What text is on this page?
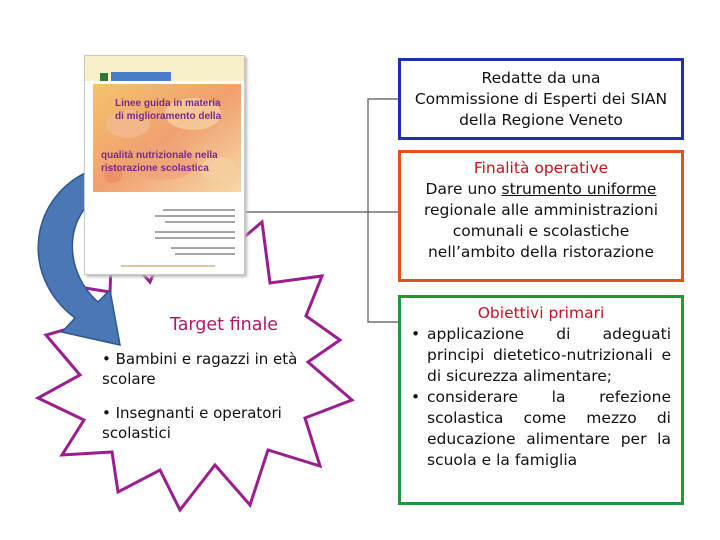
Linee guida in materia
di miglioramento della
qualità nutrizionale nella
ristorazione scolastica
Redatte da una
Commissione di Esperti dei SIAN
della Regione Veneto
Finalità operative
Dare uno strumento uniforme
regionale alle amministrazioni
comunali e scolastiche
nell’ambito della ristorazione
Obiettivi primari
• applicazione di adeguati principi dietetico-nutrizionali e di sicurezza alimentare;
• considerare la refezione scolastica come mezzo di educazione alimentare per la scuola e la famiglia
Target finale
• Bambini e ragazzi in età scolare
• Insegnanti e operatori scolastici
